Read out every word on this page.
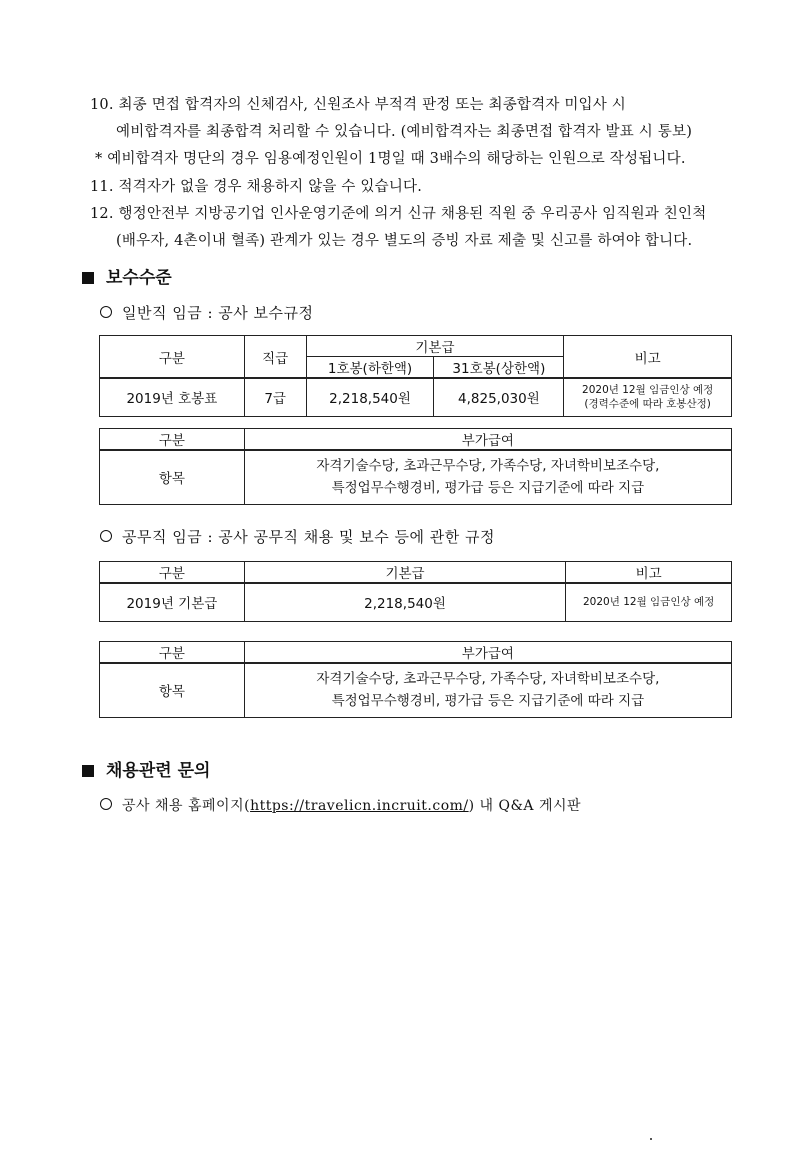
10. 최종 면접 합격자의 신체검사, 신원조사 부적격 판정 또는 최종합격자 미입사 시
예비합격자를 최종합격 처리할 수 있습니다. (예비합격자는 최종면접 합격자 발표 시 통보)
* 예비합격자 명단의 경우 임용예정인원이 1명일 때 3배수의 해당하는 인원으로 작성됩니다.
11. 적격자가 없을 경우 채용하지 않을 수 있습니다.
12. 행정안전부 지방공기업 인사운영기준에 의거 신규 채용된 직원 중 우리공사 임직원과 친인척
(배우자, 4촌이내 혈족) 관계가 있는 경우 별도의 증빙 자료 제출 및 신고를 하여야 합니다.
보수수준
일반직 임금 : 공사 보수규정
구분	직급	기본급		비고
		1호봉(하한액)	31호봉(상한액)	
2019년 호봉표	7급	2,218,540원	4,825,030원	2020년 12월 임금인상 예정
(경력수준에 따라 호봉산정)
구분	부가급여
항목	자격기술수당, 초과근무수당, 가족수당, 자녀학비보조수당,
특정업무수행경비, 평가급 등은 지급기준에 따라 지급
공무직 임금 : 공사 공무직 채용 및 보수 등에 관한 규정
구분	기본급	비고
2019년 기본급	2,218,540원	2020년 12월 임금인상 예정
구분	부가급여
항목	자격기술수당, 초과근무수당, 가족수당, 자녀학비보조수당,
특정업무수행경비, 평가급 등은 지급기준에 따라 지급
채용관련 문의
공사 채용 홈페이지(https://travelicn.incruit.com/) 내 Q&A 게시판
